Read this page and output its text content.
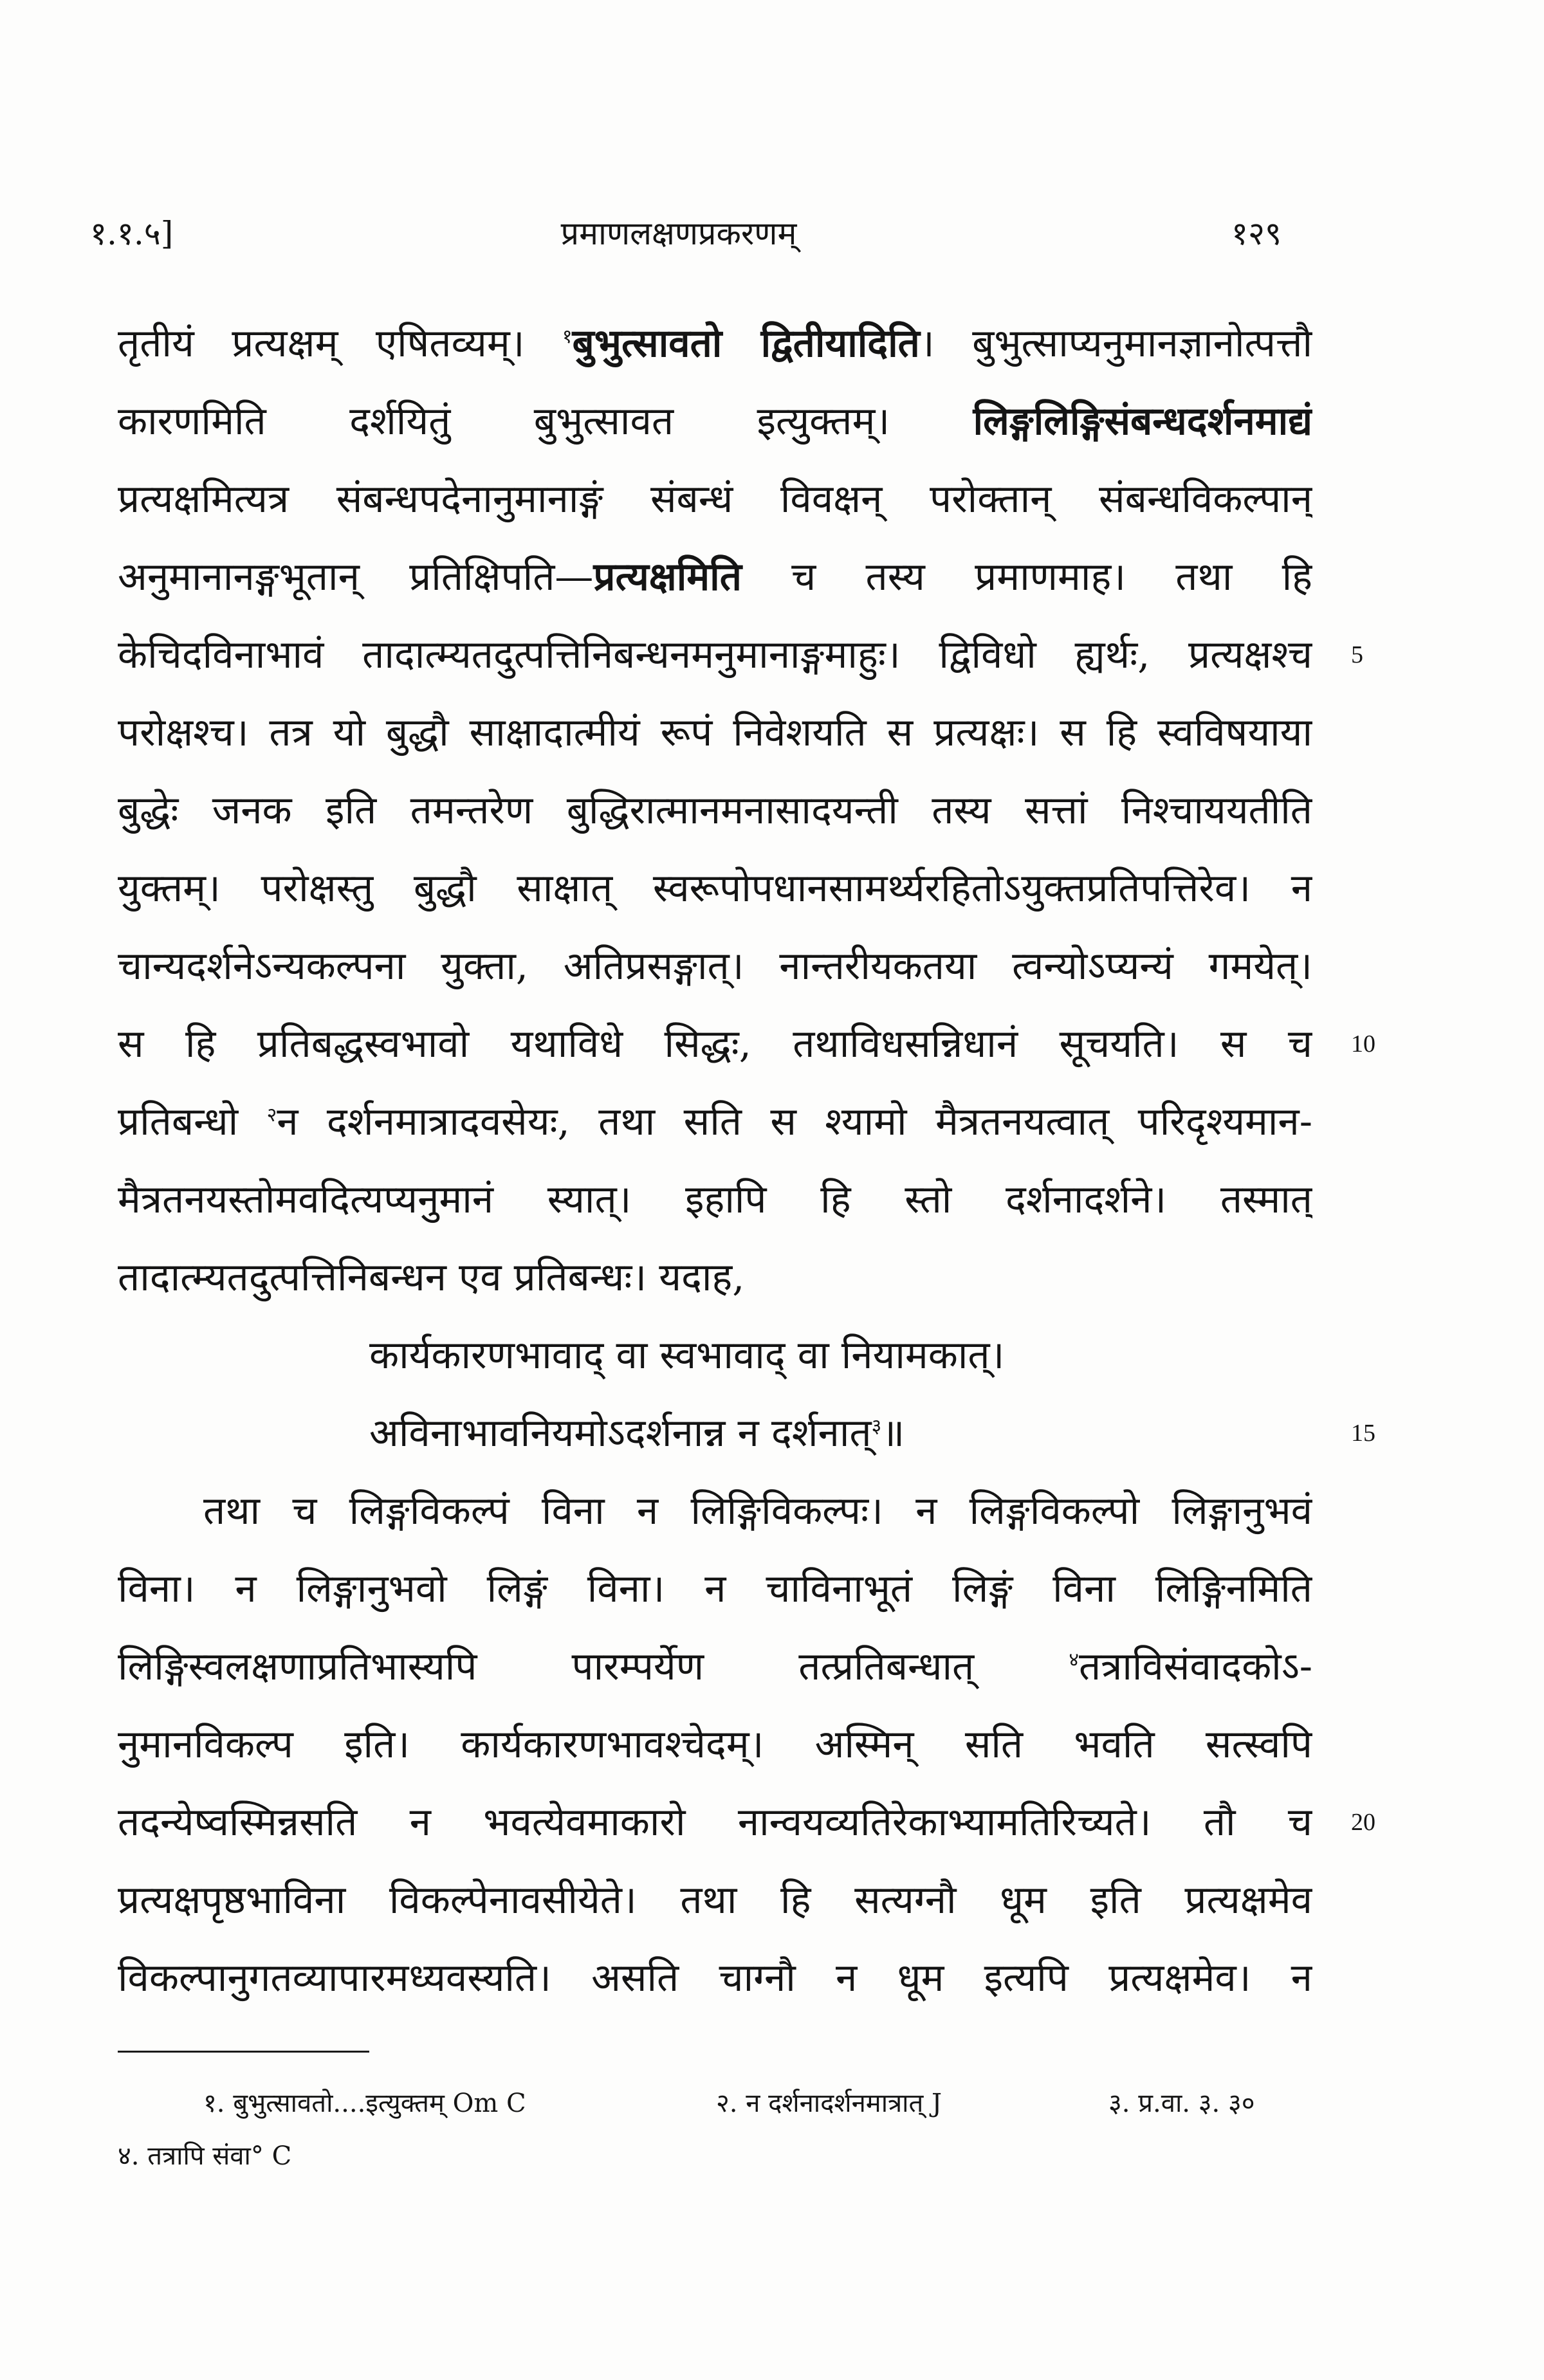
१.१.५]	प्रमाणलक्षणप्रकरणम्	१२९
तृतीयं प्रत्यक्षम् एषितव्यम्। $^१$बुभुत्सावतो द्वितीयादिति। बुभुत्साप्यनुमानज्ञानोत्पत्तौ
कारणमिति दर्शयितुं बुभुत्सावत इत्युक्तम्। लिङ्गलिङ्गिसंबन्धदर्शनमाद्यं
प्रत्यक्षमित्यत्र संबन्धपदेनानुमानाङ्गं संबन्धं विवक्षन् परोक्तान् संबन्धविकल्पान्
अनुमानानङ्गभूतान् प्रतिक्षिपति—प्रत्यक्षमिति च तस्य प्रमाणमाह। तथा हि
केचिदविनाभावं तादात्म्यतदुत्पत्तिनिबन्धनमनुमानाङ्गमाहुः। द्विविधो ह्यर्थः, प्रत्यक्षश्च
परोक्षश्च। तत्र यो बुद्धौ साक्षादात्मीयं रूपं निवेशयति स प्रत्यक्षः। स हि स्वविषयाया
बुद्धेः जनक इति तमन्तरेण बुद्धिरात्मानमनासादयन्ती तस्य सत्तां निश्चाययतीति
युक्तम्। परोक्षस्तु बुद्धौ साक्षात् स्वरूपोपधानसामर्थ्यरहितोऽयुक्तप्रतिपत्तिरेव। न
चान्यदर्शनेऽन्यकल्पना युक्ता, अतिप्रसङ्गात्। नान्तरीयकतया त्वन्योऽप्यन्यं गमयेत्।
स हि प्रतिबद्धस्वभावो यथाविधे सिद्धः, तथाविधसन्निधानं सूचयति। स च
प्रतिबन्धो $^२$न दर्शनमात्रादवसेयः, तथा सति स श्यामो मैत्रतनयत्वात् परिदृश्यमान-
मैत्रतनयस्तोमवदित्यप्यनुमानं स्यात्। इहापि हि स्तो दर्शनादर्शने। तस्मात्
तादात्म्यतदुत्पत्तिनिबन्धन एव प्रतिबन्धः। यदाह,
कार्यकारणभावाद् वा स्वभावाद् वा नियामकात्।
अविनाभावनियमोऽदर्शनान्न न दर्शनात्$^३$॥
तथा च लिङ्गविकल्पं विना न लिङ्गिविकल्पः। न लिङ्गविकल्पो लिङ्गानुभवं
विना। न लिङ्गानुभवो लिङ्गं विना। न चाविनाभूतं लिङ्गं विना लिङ्गिनमिति
लिङ्गिस्वलक्षणाप्रतिभास्यपि पारम्पर्येण तत्प्रतिबन्धात् $^४$तत्राविसंवादकोऽ-
नुमानविकल्प इति। कार्यकारणभावश्चेदम्। अस्मिन् सति भवति सत्स्वपि
तदन्येष्वस्मिन्नसति न भवत्येवमाकारो नान्वयव्यतिरेकाभ्यामतिरिच्यते। तौ च
प्रत्यक्षपृष्ठभाविना विकल्पेनावसीयेते। तथा हि सत्यग्नौ धूम इति प्रत्यक्षमेव
विकल्पानुगतव्यापारमध्यवस्यति। असति चाग्नौ न धूम इत्यपि प्रत्यक्षमेव। न
5
10
15
20
१. बुभुत्सावतो....इत्युक्तम् Om C	२. न दर्शनादर्शनमात्रात् J	३. प्र.वा. ३. ३०
४. तत्रापि संवा° C
